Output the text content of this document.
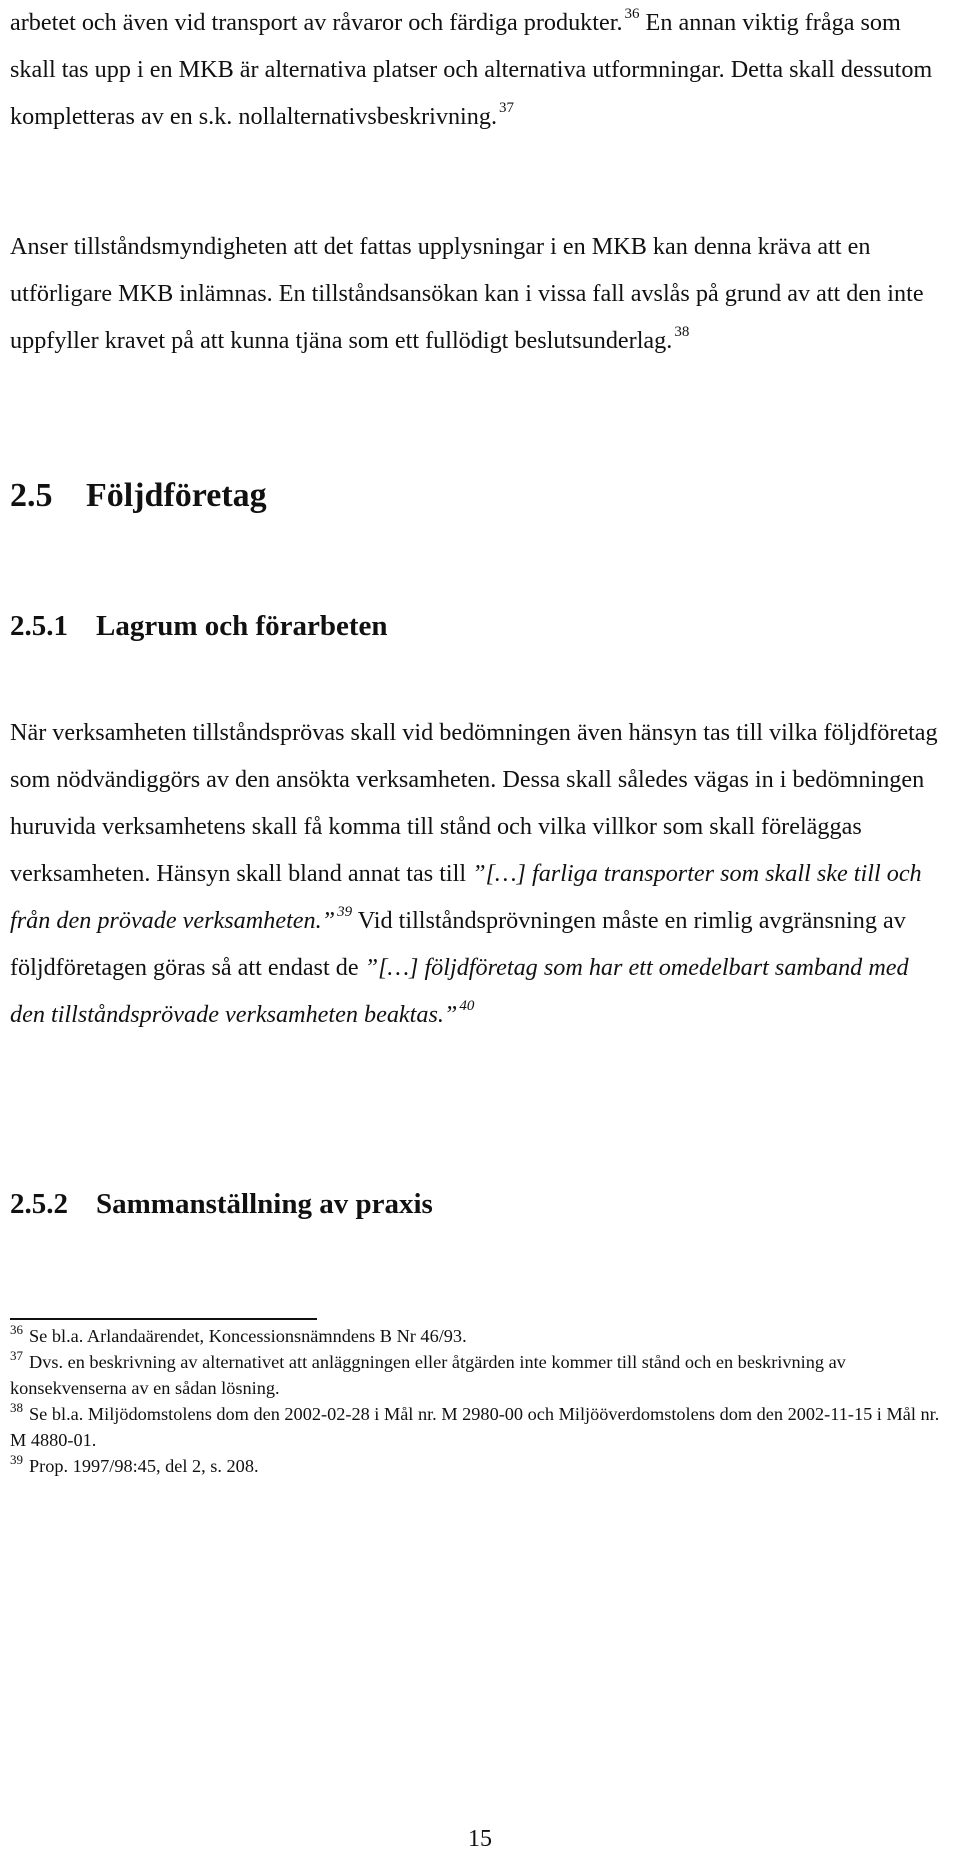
arbetet och även vid transport av råvaror och färdiga produkter. $^{36}$ En annan viktig fråga som skall tas upp i en MKB är alternativa platser och alternativa utformningar. Detta skall dessutom kompletteras av en s.k. nollalternativsbeskrivning. $^{37}$

Anser tillståndsmyndigheten att det fattas upplysningar i en MKB kan denna kräva att en utförligare MKB inlämnas. En tillståndsansökan kan i vissa fall avslås på grund av att den inte uppfyller kravet på att kunna tjäna som ett fullödigt beslutsunderlag. $^{38}$

2.5 Följdföretag
2.5.1 Lagrum och förarbeten

När verksamheten tillståndsprövas skall vid bedömningen även hänsyn tas till vilka följdföretag som nödvändiggörs av den ansökta verksamheten. Dessa skall således vägas in i bedömningen huruvida verksamhetens skall få komma till stånd och vilka villkor som skall föreläggas verksamheten. Hänsyn skall bland annat tas till ”[…] farliga transporter som skall ske till och från den prövade verksamheten.” $^{39}$ Vid tillståndsprövningen måste en rimlig avgränsning av följdföretagen göras så att endast de ”[…] följdföretag som har ett omedelbart samband med den tillståndsprövade verksamheten beaktas.” $^{40}$

2.5.2 Sammanställning av praxis

$^{36}$ Se bl.a. Arlandaärendet, Koncessionsnämndens B Nr 46/93.

$^{37}$ Dvs. en beskrivning av alternativet att anläggningen eller åtgärden inte kommer till stånd och en beskrivning av konsekvenserna av en sådan lösning.

$^{38}$ Se bl.a. Miljödomstolens dom den 2002-02-28 i Mål nr. M 2980-00 och Miljööverdomstolens dom den 2002-11-15 i Mål nr. M 4880-01.

$^{39}$ Prop. 1997/98:45, del 2, s. 208.

15
